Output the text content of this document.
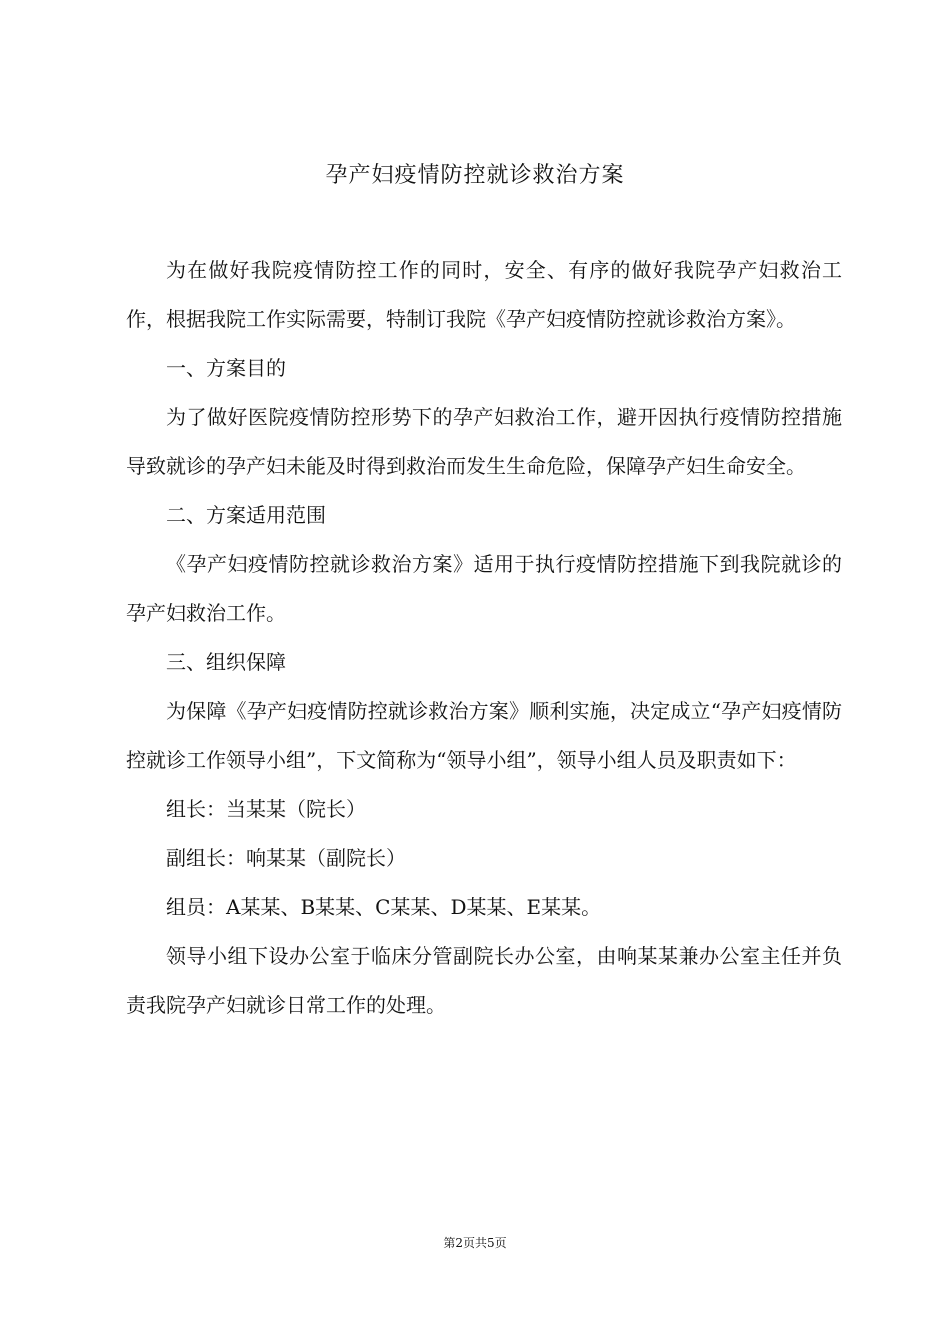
孕产妇疫情防控就诊救治方案

为在做好我院疫情防控工作的同时，安全、有序的做好我院孕产妇救治工作，根据我院工作实际需要，特制订我院《孕产妇疫情防控就诊救治方案》。

一、方案目的

为了做好医院疫情防控形势下的孕产妇救治工作，避开因执行疫情防控措施导致就诊的孕产妇未能及时得到救治而发生生命危险，保障孕产妇生命安全。

二、方案适用范围

《孕产妇疫情防控就诊救治方案》适用于执行疫情防控措施下到我院就诊的孕产妇救治工作。

三、组织保障

为保障《孕产妇疫情防控就诊救治方案》顺利实施，决定成立“孕产妇疫情防控就诊工作领导小组”，下文简称为“领导小组”，领导小组人员及职责如下：

组长：当某某（院长）

副组长：响某某（副院长）

组员：A某某、B某某、C某某、D某某、E某某。

领导小组下设办公室于临床分管副院长办公室，由响某某兼办公室主任并负责我院孕产妇就诊日常工作的处理。

第2页共5页
